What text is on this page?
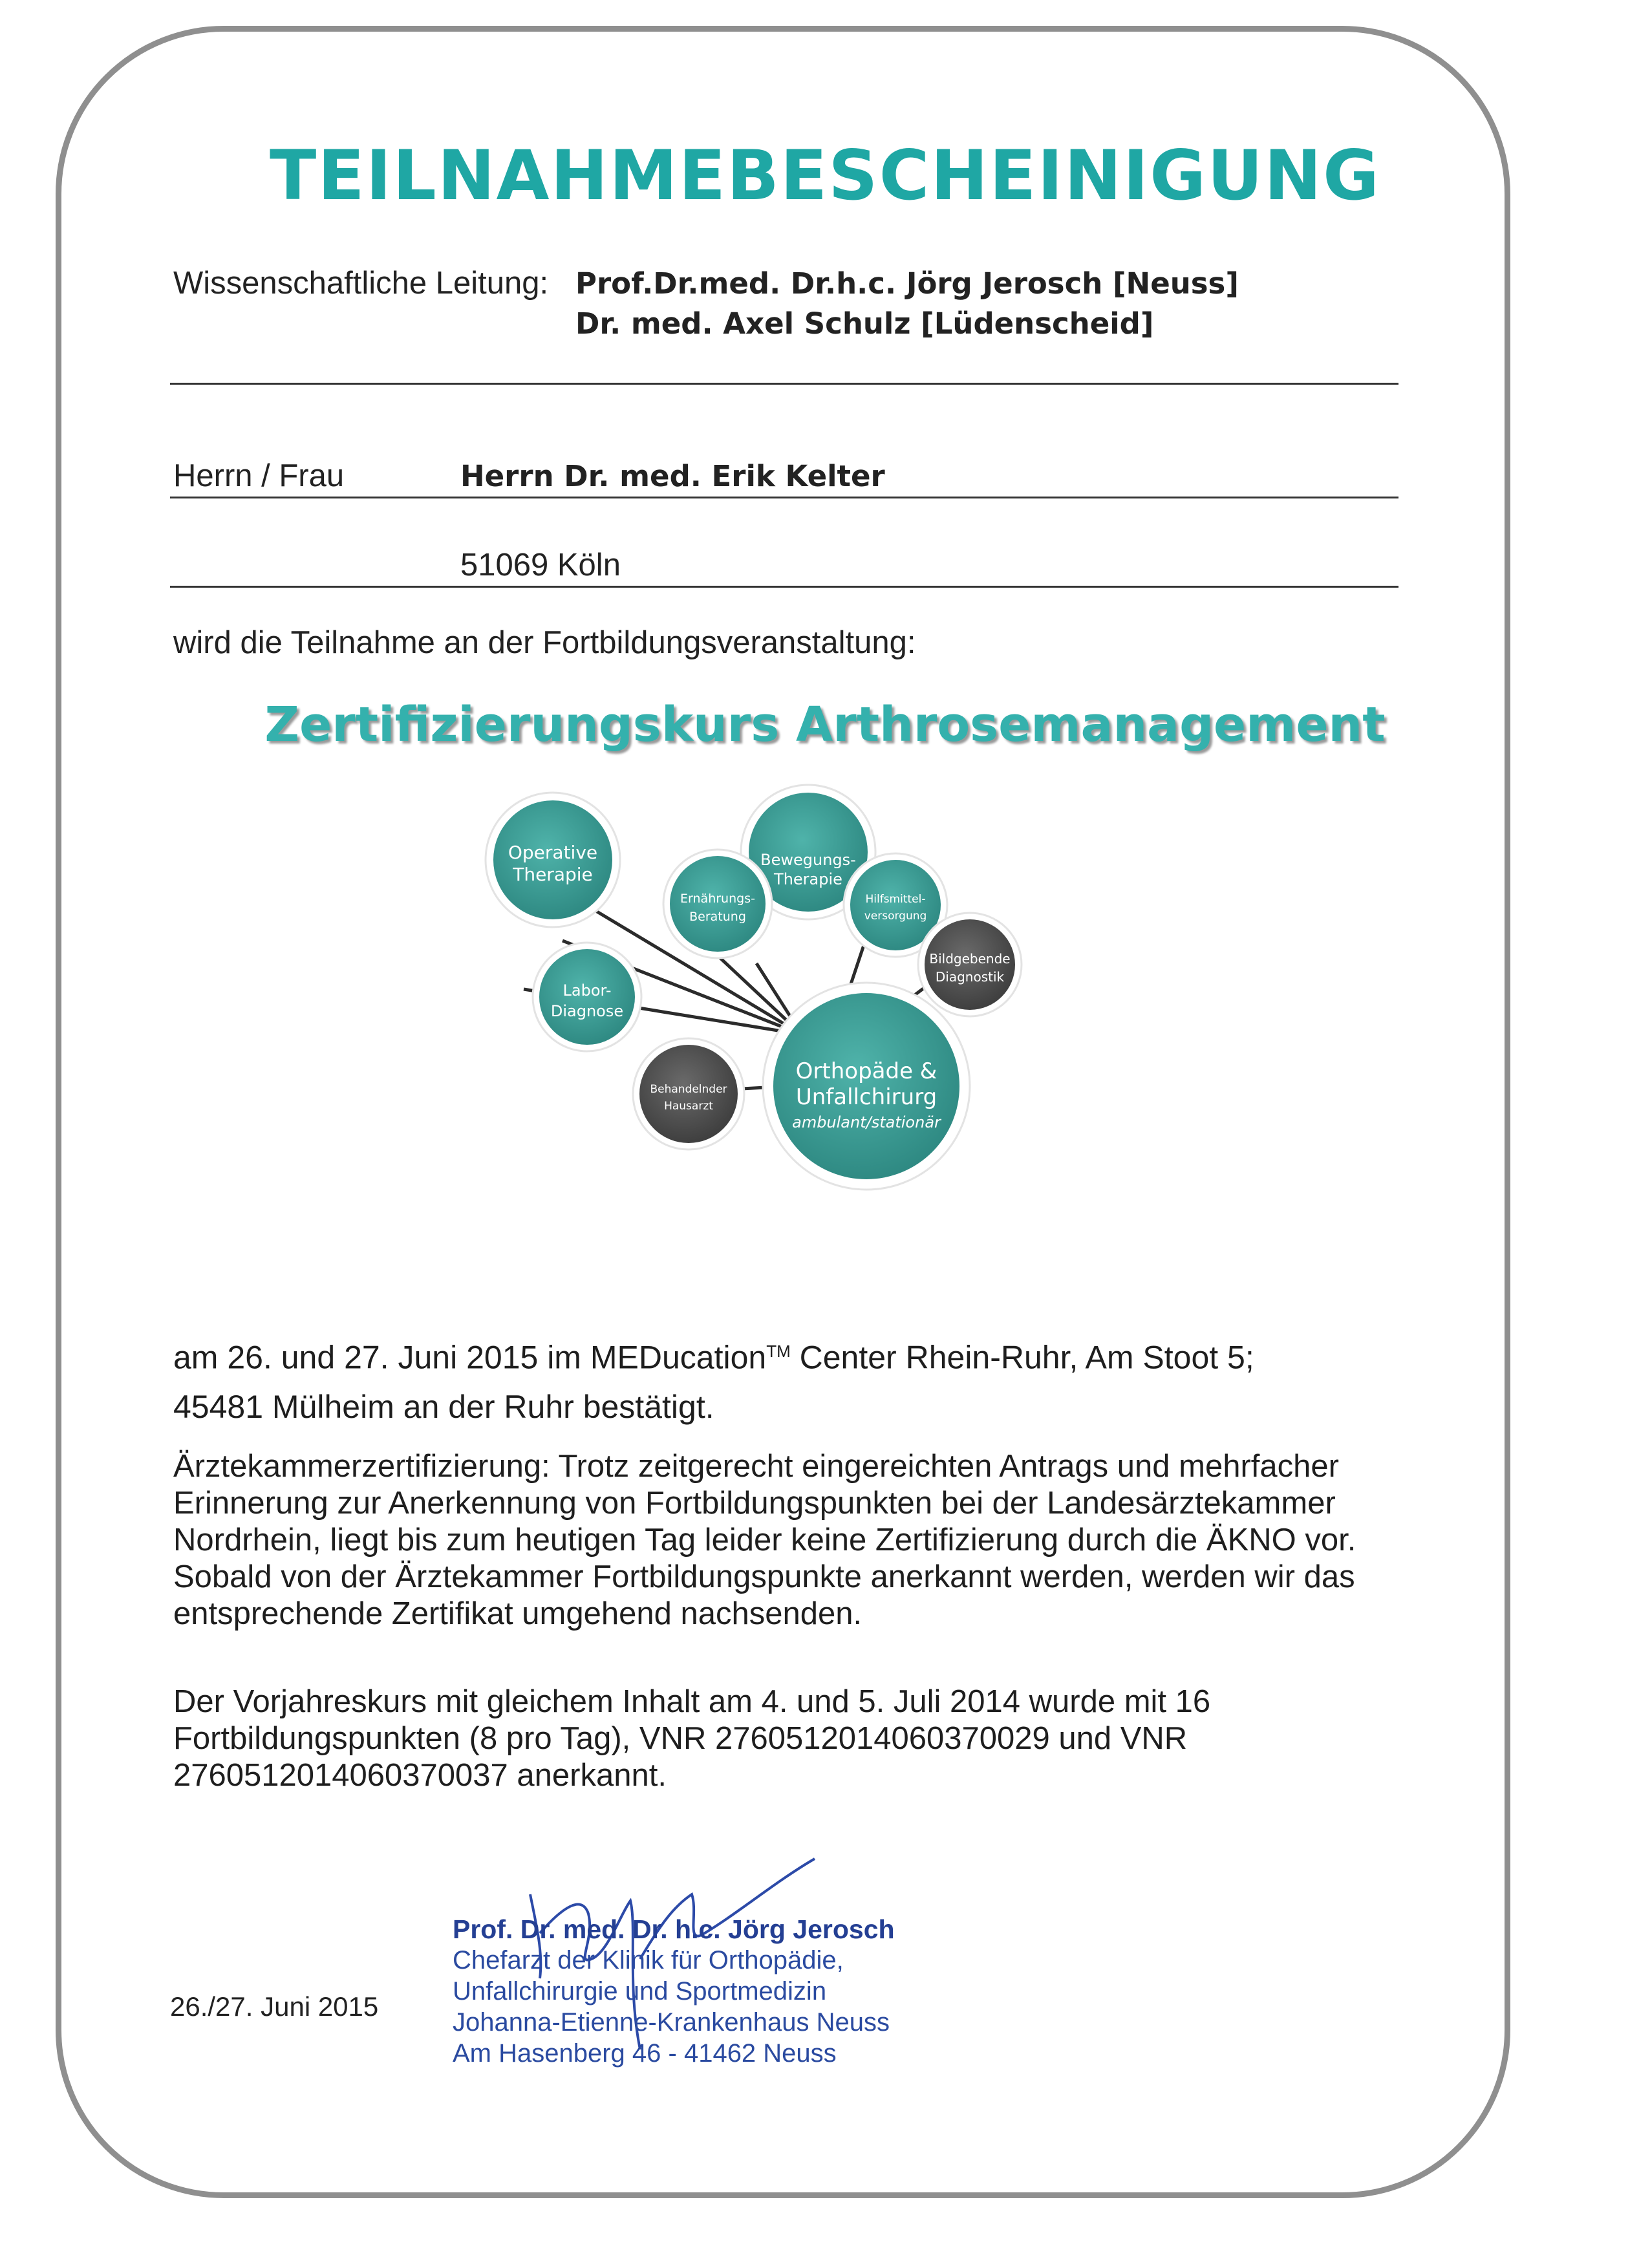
TEILNAHMEBESCHEINIGUNG
Wissenschaftliche Leitung: Prof.Dr.med. Dr.h.c. Jörg Jerosch [Neuss]
Dr. med. Axel Schulz [Lüdenscheid]
Herrn / Frau	Herrn Dr. med. Erik Kelter
51069 Köln
wird die Teilnahme an der Fortbildungsveranstaltung:
Zertifizierungskurs Arthrosemanagement
Operative
Therapie
Bewegungs-
Therapie
Ernährungs-
Beratung
Hilfsmittel-
versorgung
Bildgebende
Diagnostik
Labor-
Diagnose
Behandelnder
Hausarzt
Orthopäde &
Unfallchirurg
ambulant/stationär
am 26. und 27. Juni 2015 im MEDucation™ Center Rhein-Ruhr, Am Stoot 5;
45481 Mülheim an der Ruhr bestätigt.
Ärztekammerzertifizierung: Trotz zeitgerecht eingereichten Antrags und mehrfacher
Erinnerung zur Anerkennung von Fortbildungspunkten bei der Landesärztekammer
Nordrhein, liegt bis zum heutigen Tag leider keine Zertifizierung durch die ÄKNO vor.
Sobald von der Ärztekammer Fortbildungspunkte anerkannt werden, werden wir das
entsprechende Zertifikat umgehend nachsenden.
Der Vorjahreskurs mit gleichem Inhalt am 4. und 5. Juli 2014 wurde mit 16
Fortbildungspunkten (8 pro Tag), VNR 2760512014060370029 und VNR
2760512014060370037 anerkannt.
26./27. Juni 2015
Prof. Dr. med. Dr. h.c. Jörg Jerosch
Chefarzt der Klinik für Orthopädie,
Unfallchirurgie und Sportmedizin
Johanna-Etienne-Krankenhaus Neuss
Am Hasenberg 46 - 41462 Neuss
